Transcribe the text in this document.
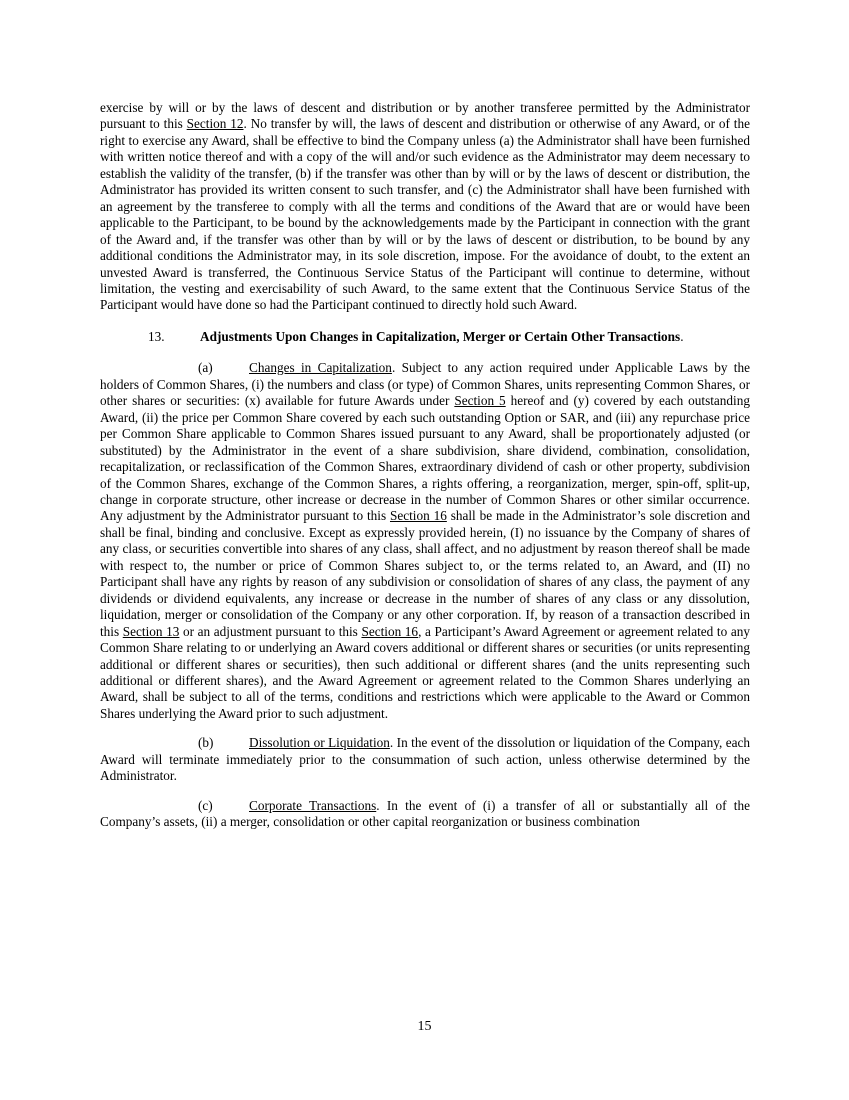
exercise by will or by the laws of descent and distribution or by another transferee permitted by the Administrator pursuant to this Section 12. No transfer by will, the laws of descent and distribution or otherwise of any Award, or of the right to exercise any Award, shall be effective to bind the Company unless (a) the Administrator shall have been furnished with written notice thereof and with a copy of the will and/or such evidence as the Administrator may deem necessary to establish the validity of the transfer, (b) if the transfer was other than by will or by the laws of descent or distribution, the Administrator has provided its written consent to such transfer, and (c) the Administrator shall have been furnished with an agreement by the transferee to comply with all the terms and conditions of the Award that are or would have been applicable to the Participant, to be bound by the acknowledgements made by the Participant in connection with the grant of the Award and, if the transfer was other than by will or by the laws of descent or distribution, to be bound by any additional conditions the Administrator may, in its sole discretion, impose. For the avoidance of doubt, to the extent an unvested Award is transferred, the Continuous Service Status of the Participant will continue to determine, without limitation, the vesting and exercisability of such Award, to the same extent that the Continuous Service Status of the Participant would have done so had the Participant continued to directly hold such Award.

13.	Adjustments Upon Changes in Capitalization, Merger or Certain Other Transactions.

(a)	Changes in Capitalization. Subject to any action required under Applicable Laws by the holders of Common Shares, (i) the numbers and class (or type) of Common Shares, units representing Common Shares, or other shares or securities: (x) available for future Awards under Section 5 hereof and (y) covered by each outstanding Award, (ii) the price per Common Share covered by each such outstanding Option or SAR, and (iii) any repurchase price per Common Share applicable to Common Shares issued pursuant to any Award, shall be proportionately adjusted (or substituted) by the Administrator in the event of a share subdivision, share dividend, combination, consolidation, recapitalization, or reclassification of the Common Shares, extraordinary dividend of cash or other property, subdivision of the Common Shares, exchange of the Common Shares, a rights offering, a reorganization, merger, spin-off, split-up, change in corporate structure, other increase or decrease in the number of Common Shares or other similar occurrence. Any adjustment by the Administrator pursuant to this Section 16 shall be made in the Administrator’s sole discretion and shall be final, binding and conclusive. Except as expressly provided herein, (I) no issuance by the Company of shares of any class, or securities convertible into shares of any class, shall affect, and no adjustment by reason thereof shall be made with respect to, the number or price of Common Shares subject to, or the terms related to, an Award, and (II) no Participant shall have any rights by reason of any subdivision or consolidation of shares of any class, the payment of any dividends or dividend equivalents, any increase or decrease in the number of shares of any class or any dissolution, liquidation, merger or consolidation of the Company or any other corporation. If, by reason of a transaction described in this Section 13 or an adjustment pursuant to this Section 16, a Participant’s Award Agreement or agreement related to any Common Share relating to or underlying an Award covers additional or different shares or securities (or units representing additional or different shares or securities), then such additional or different shares (and the units representing such additional or different shares), and the Award Agreement or agreement related to the Common Shares underlying an Award, shall be subject to all of the terms, conditions and restrictions which were applicable to the Award or Common Shares underlying the Award prior to such adjustment.

(b)	Dissolution or Liquidation. In the event of the dissolution or liquidation of the Company, each Award will terminate immediately prior to the consummation of such action, unless otherwise determined by the Administrator.

(c)	Corporate Transactions. In the event of (i) a transfer of all or substantially all of the Company’s assets, (ii) a merger, consolidation or other capital reorganization or business combination

15
